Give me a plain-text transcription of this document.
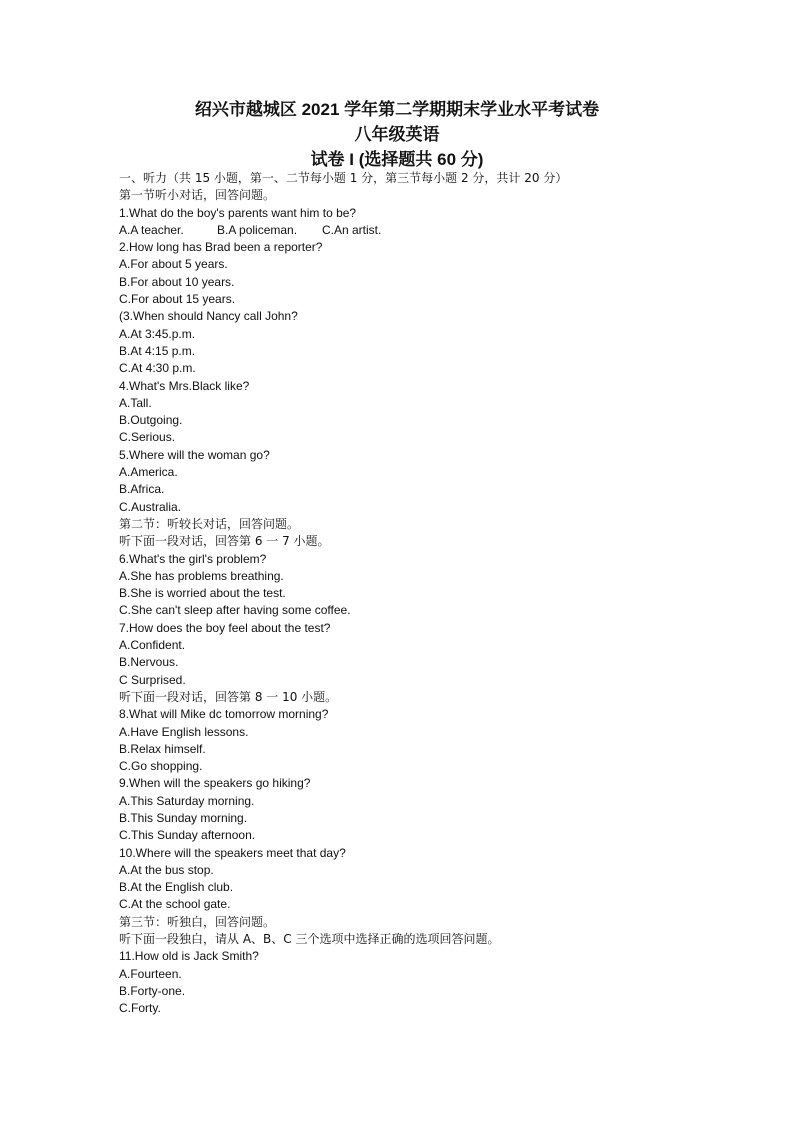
绍兴市越城区 2021 学年第二学期期末学业水平考试卷

八年级英语

试卷 I (选择题共 60 分)

一、听力（共 15 小题，第一、二节每小题 1 分，第三节每小题 2 分，共计 20 分）

第一节听小对话，回答问题。

1.What do the boy's parents want him to be?

A.A teacher.	B.A policeman.	C.An artist.

2.How long has Brad been a reporter?

A.For about 5 years.

B.For about 10 years.

C.For about 15 years.

(3.When should Nancy call John?

A.At 3:45.p.m.

B.At 4:15 p.m.

C.At 4:30 p.m.

4.What's Mrs.Black like?

A.Tall.

B.Outgoing.

C.Serious.

5.Where will the woman go?

A.America.

B.Africa.

C.Australia.

第二节：听较长对话，回答问题。

听下面一段对话，回答第 6 一 7 小题。

6.What's the girl's problem?

A.She has problems breathing.

B.She is worried about the test.

C.She can't sleep after having some coffee.

7.How does the boy feel about the test?

A.Confident.

B.Nervous.

C Surprised.

听下面一段对话，回答第 8 一 10 小题。

8.What will Mike dc tomorrow morning?

A.Have English lessons.

B.Relax himself.

C.Go shopping.

9.When will the speakers go hiking?

A.This Saturday morning.

B.This Sunday morning.

C.This Sunday afternoon.

10.Where will the speakers meet that day?

A.At the bus stop.

B.At the English club.

C.At the school gate.

第三节：听独白，回答问题。

听下面一段独白，请从 A、B、C 三个选项中选择正确的选项回答问题。

11.How old is Jack Smith?

A.Fourteen.

B.Forty-one.

C.Forty.
